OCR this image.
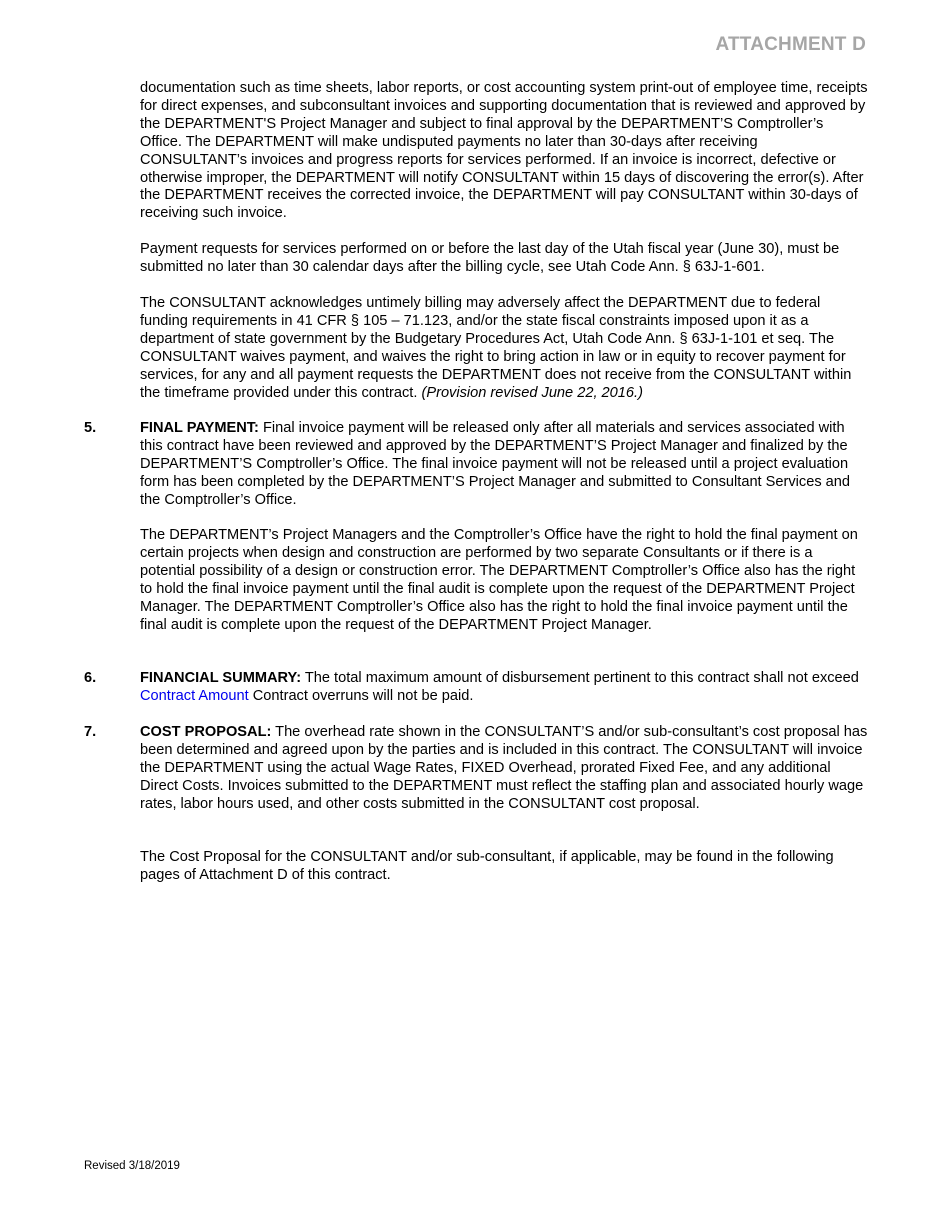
ATTACHMENT D

documentation such as time sheets, labor reports, or cost accounting system print-out of employee time, receipts for direct expenses, and subconsultant invoices and supporting documentation that is reviewed and approved by the DEPARTMENT'S Project Manager and subject to final approval by the DEPARTMENT’S Comptroller’s Office. The DEPARTMENT will make undisputed payments no later than 30-days after receiving CONSULTANT’s invoices and progress reports for services performed. If an invoice is incorrect, defective or otherwise improper, the DEPARTMENT will notify CONSULTANT within 15 days of discovering the error(s). After the DEPARTMENT receives the corrected invoice, the DEPARTMENT will pay CONSULTANT within 30-days of receiving such invoice.

Payment requests for services performed on or before the last day of the Utah fiscal year (June 30), must be submitted no later than 30 calendar days after the billing cycle, see Utah Code Ann. § 63J-1-601.

The CONSULTANT acknowledges untimely billing may adversely affect the DEPARTMENT due to federal funding requirements in 41 CFR § 105 – 71.123, and/or the state fiscal constraints imposed upon it as a department of state government by the Budgetary Procedures Act, Utah Code Ann. § 63J-1-101 et seq. The CONSULTANT waives payment, and waives the right to bring action in law or in equity to recover payment for services, for any and all payment requests the DEPARTMENT does not receive from the CONSULTANT within the timeframe provided under this contract. (Provision revised June 22, 2016.)

5.	FINAL PAYMENT: Final invoice payment will be released only after all materials and services associated with this contract have been reviewed and approved by the DEPARTMENT’S Project Manager and finalized by the DEPARTMENT’S Comptroller’s Office. The final invoice payment will not be released until a project evaluation form has been completed by the DEPARTMENT’S Project Manager and submitted to Consultant Services and the Comptroller’s Office.

The DEPARTMENT’s Project Managers and the Comptroller’s Office have the right to hold the final payment on certain projects when design and construction are performed by two separate Consultants or if there is a potential possibility of a design or construction error. The DEPARTMENT Comptroller’s Office also has the right to hold the final invoice payment until the final audit is complete upon the request of the DEPARTMENT Project Manager. The DEPARTMENT Comptroller’s Office also has the right to hold the final invoice payment until the final audit is complete upon the request of the DEPARTMENT Project Manager.

6.	FINANCIAL SUMMARY: The total maximum amount of disbursement pertinent to this contract shall not exceed Contract Amount Contract overruns will not be paid.

7.	COST PROPOSAL: The overhead rate shown in the CONSULTANT’S and/or sub-consultant’s cost proposal has been determined and agreed upon by the parties and is included in this contract. The CONSULTANT will invoice the DEPARTMENT using the actual Wage Rates, FIXED Overhead, prorated Fixed Fee, and any additional Direct Costs. Invoices submitted to the DEPARTMENT must reflect the staffing plan and associated hourly wage rates, labor hours used, and other costs submitted in the CONSULTANT cost proposal.

The Cost Proposal for the CONSULTANT and/or sub-consultant, if applicable, may be found in the following pages of Attachment D of this contract.

Revised 3/18/2019
